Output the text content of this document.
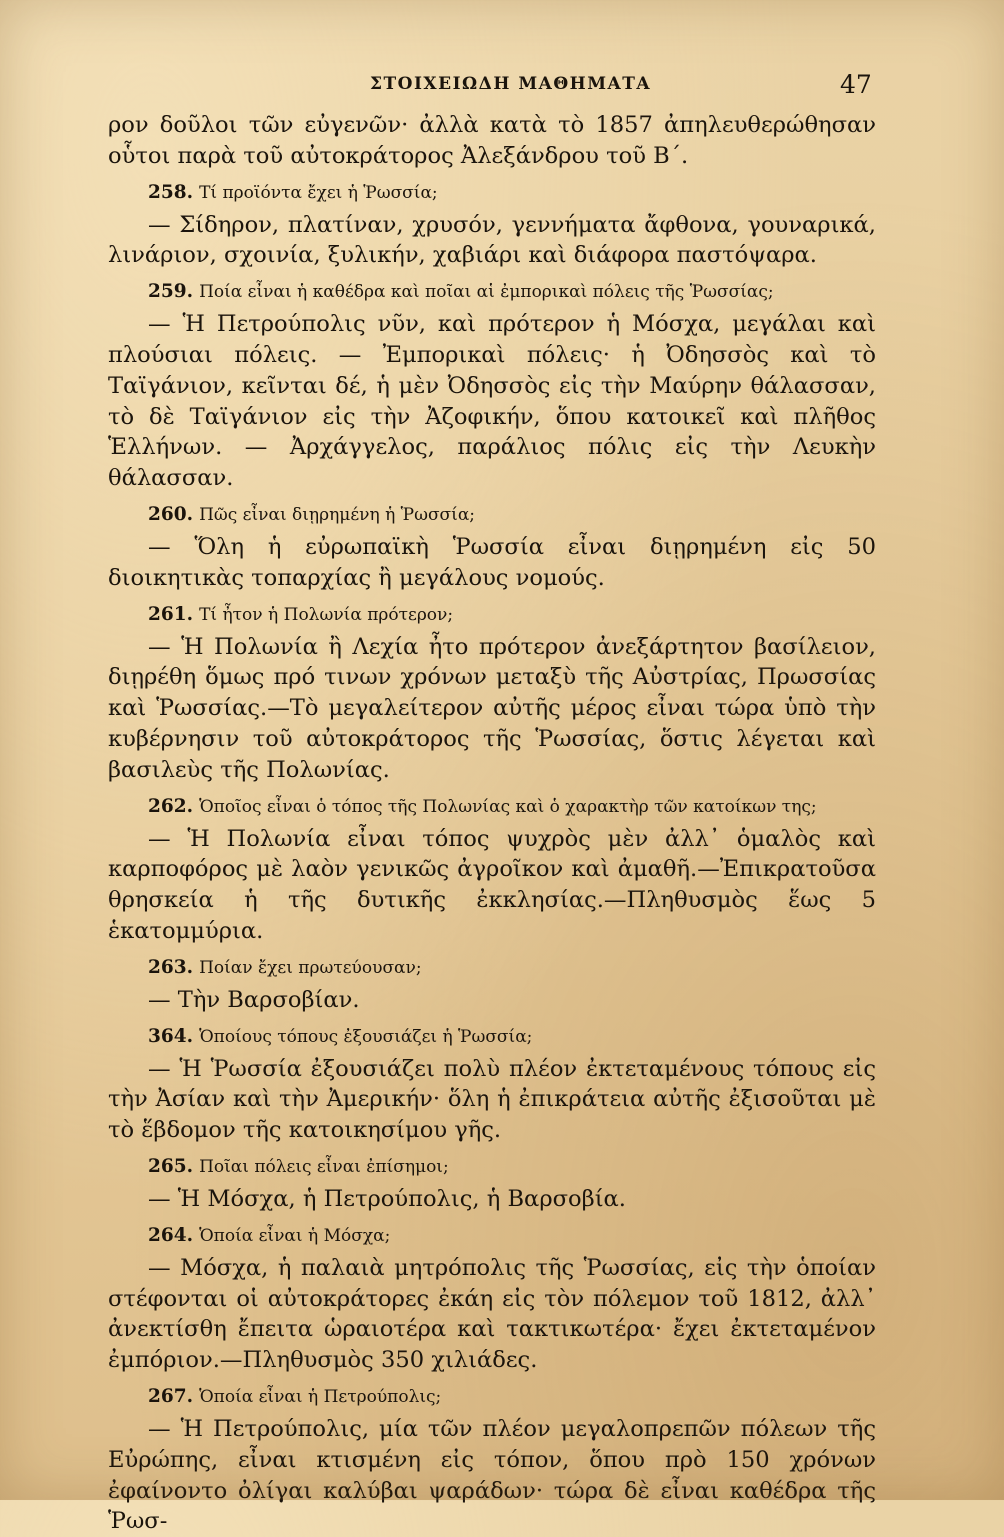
ΣΤΟΙΧΕΙΩΔΗ ΜΑΘΗΜΑΤΑ	47

ρον δοῦλοι τῶν εὐγενῶν· ἀλλὰ κατὰ τὸ 1857 ἀπηλευθερώθησαν οὗτοι παρὰ τοῦ αὐτοκράτορος Ἀλεξάνδρου τοῦ Β΄.

258. Τί προϊόντα ἔχει ἡ Ῥωσσία;

— Σίδηρον, πλατίναν, χρυσόν, γεννήματα ἄφθονα, γουναρικά, λινάριον, σχοινία, ξυλικήν, χαβιάρι καὶ διάφορα παστόψαρα.

259. Ποία εἶναι ἡ καθέδρα καὶ ποῖαι αἱ ἐμπορικαὶ πόλεις τῆς Ῥωσσίας;

— Ἡ Πετρούπολις νῦν, καὶ πρότερον ἡ Μόσχα, μεγάλαι καὶ πλούσιαι πόλεις. — Ἐμπορικαὶ πόλεις· ἡ Ὀδησσὸς καὶ τὸ Ταϊγάνιον, κεῖνται δέ, ἡ μὲν Ὀδησσὸς εἰς τὴν Μαύρην θάλασσαν, τὸ δὲ Ταϊγάνιον εἰς τὴν Ἀζοφικήν, ὅπου κατοικεῖ καὶ πλῆθος Ἑλλήνων. — Ἀρχάγγελος, παράλιος πόλις εἰς τὴν Λευκὴν θάλασσαν.

260. Πῶς εἶναι διῃρημένη ἡ Ῥωσσία;

— Ὅλη ἡ εὐρωπαϊκὴ Ῥωσσία εἶναι διῃρημένη εἰς 50 διοικητικὰς τοπαρχίας ἢ μεγάλους νομούς.

261. Τί ἦτον ἡ Πολωνία πρότερον;

— Ἡ Πολωνία ἢ Λεχία ἦτο πρότερον ἀνεξάρτητον βασίλειον, διῃρέθη ὅμως πρό τινων χρόνων μεταξὺ τῆς Αὐστρίας, Πρωσσίας καὶ Ῥωσσίας.—Τὸ μεγαλείτερον αὐτῆς μέρος εἶναι τώρα ὑπὸ τὴν κυβέρνησιν τοῦ αὐτοκράτορος τῆς Ῥωσσίας, ὅστις λέγεται καὶ βασιλεὺς τῆς Πολωνίας.

262. Ὁποῖος εἶναι ὁ τόπος τῆς Πολωνίας καὶ ὁ χαρακτὴρ τῶν κατοίκων της;

— Ἡ Πολωνία εἶναι τόπος ψυχρὸς μὲν ἀλλ᾽ ὁμαλὸς καὶ καρποφόρος μὲ λαὸν γενικῶς ἀγροῖκον καὶ ἀμαθῆ.—Ἐπικρατοῦσα θρησκεία ἡ τῆς δυτικῆς ἐκκλησίας.—Πληθυσμὸς ἕως 5 ἑκατομμύρια.

263. Ποίαν ἔχει πρωτεύουσαν;

— Τὴν Βαρσοβίαν.

364. Ὁποίους τόπους ἐξουσιάζει ἡ Ῥωσσία;

— Ἡ Ῥωσσία ἐξουσιάζει πολὺ πλέον ἐκτεταμένους τόπους εἰς τὴν Ἀσίαν καὶ τὴν Ἀμερικήν· ὅλη ἡ ἐπικράτεια αὐτῆς ἐξισοῦται μὲ τὸ ἕβδομον τῆς κατοικησίμου γῆς.

265. Ποῖαι πόλεις εἶναι ἐπίσημοι;

— Ἡ Μόσχα, ἡ Πετρούπολις, ἡ Βαρσοβία.

264. Ὁποία εἶναι ἡ Μόσχα;

— Μόσχα, ἡ παλαιὰ μητρόπολις τῆς Ῥωσσίας, εἰς τὴν ὁποίαν στέφονται οἱ αὐτοκράτορες ἐκάη εἰς τὸν πόλεμον τοῦ 1812, ἀλλ᾽ ἀνεκτίσθη ἔπειτα ὡραιοτέρα καὶ τακτικωτέρα· ἔχει ἐκτεταμένον ἐμπόριον.—Πληθυσμὸς 350 χιλιάδες.

267. Ὁποία εἶναι ἡ Πετρούπολις;

— Ἡ Πετρούπολις, μία τῶν πλέον μεγαλοπρεπῶν πόλεων τῆς Εὐρώπης, εἶναι κτισμένη εἰς τόπον, ὅπου πρὸ 150 χρόνων ἐφαίνοντο ὀλίγαι καλύβαι ψαράδων· τώρα δὲ εἶναι καθέδρα τῆς Ῥωσ-
